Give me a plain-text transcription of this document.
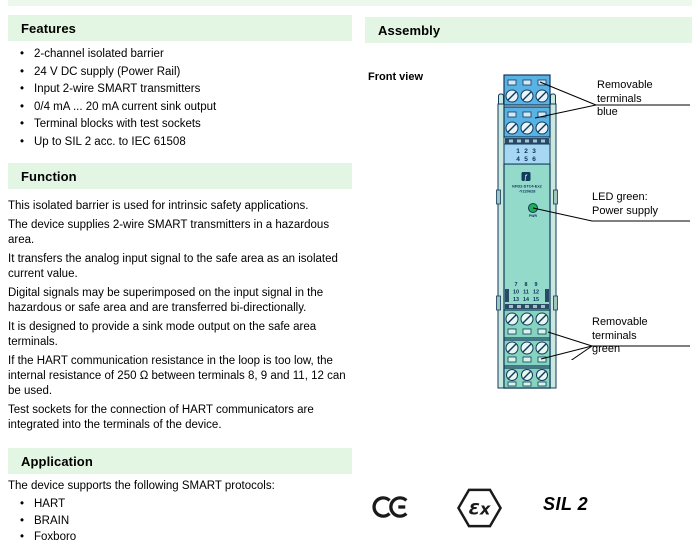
Features
• 2-channel isolated barrier
• 24 V DC supply (Power Rail)
• Input 2-wire SMART transmitters
• 0/4 mA ... 20 mA current sink output
• Terminal blocks with test sockets
• Up to SIL 2 acc. to IEC 61508
Function

This isolated barrier is used for intrinsic safety applications.

The device supplies 2-wire SMART transmitters in a hazardous area.

It transfers the analog input signal to the safe area as an isolated current value.

Digital signals may be superimposed on the input signal in the hazardous or safe area and are transferred bi-directionally.

It is designed to provide a sink mode output on the safe area terminals.

If the HART communication resistance in the loop is too low, the internal resistance of 250 Ω between terminals 8, 9 and 11, 12 can be used.

Test sockets for the connection of HART communicators are integrated into the terminals of the device.

Application

The device supports the following SMART protocols:

• HART
• BRAIN
• Foxboro
Assembly
Front view
1 2 3
4 5 6
ƒ
KFD2-STC4-Ex2
-Y220628
PWR
7 8 9
10 11 12
13 14 15
Removable terminals
blue
LED green:
Power supply
Removable terminals
green
Ɛx	SIL 2
